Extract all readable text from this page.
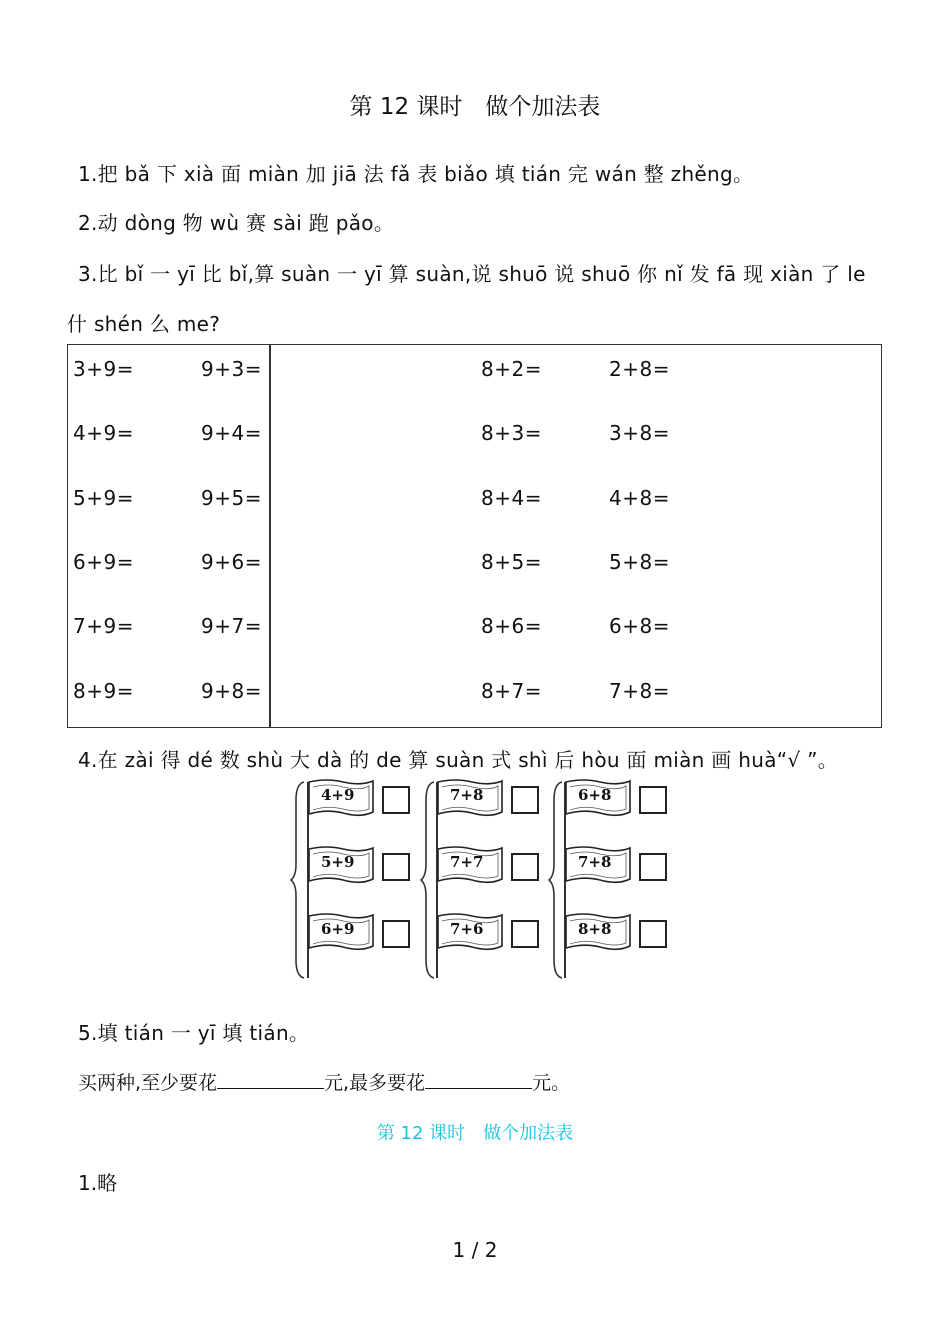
第 12 课时　做个加法表
1.把 bǎ 下 xià 面 miàn 加 jiā 法 fǎ 表 biǎo 填 tián 完 wán 整 zhěng。
2.动 dòng 物 wù 赛 sài 跑 pǎo。
3.比 bǐ 一 yī 比 bǐ,算 suàn 一 yī 算 suàn,说 shuō 说 shuō 你 nǐ 发 fā 现 xiàn 了 le
什 shén 么 me?
3+9=
4+9=
5+9=
6+9=
7+9=
8+9=
9+3=
9+4=
9+5=
9+6=
9+7=
9+8=
8+2=
8+3=
8+4=
8+5=
8+6=
8+7=
2+8=
3+8=
4+8=
5+8=
6+8=
7+8=
4.在 zài 得 dé 数 shù 大 dà 的 de 算 suàn 式 shì 后 hòu 面 miàn 画 huà“√ ”。
4+9
5+9
6+9
7+8
7+7
7+6
6+8
7+8
8+8
5.填 tián 一 yī 填 tián。
买两种,至少要花	元,最多要花	元。
第 12 课时　做个加法表
1.略
1 / 2
